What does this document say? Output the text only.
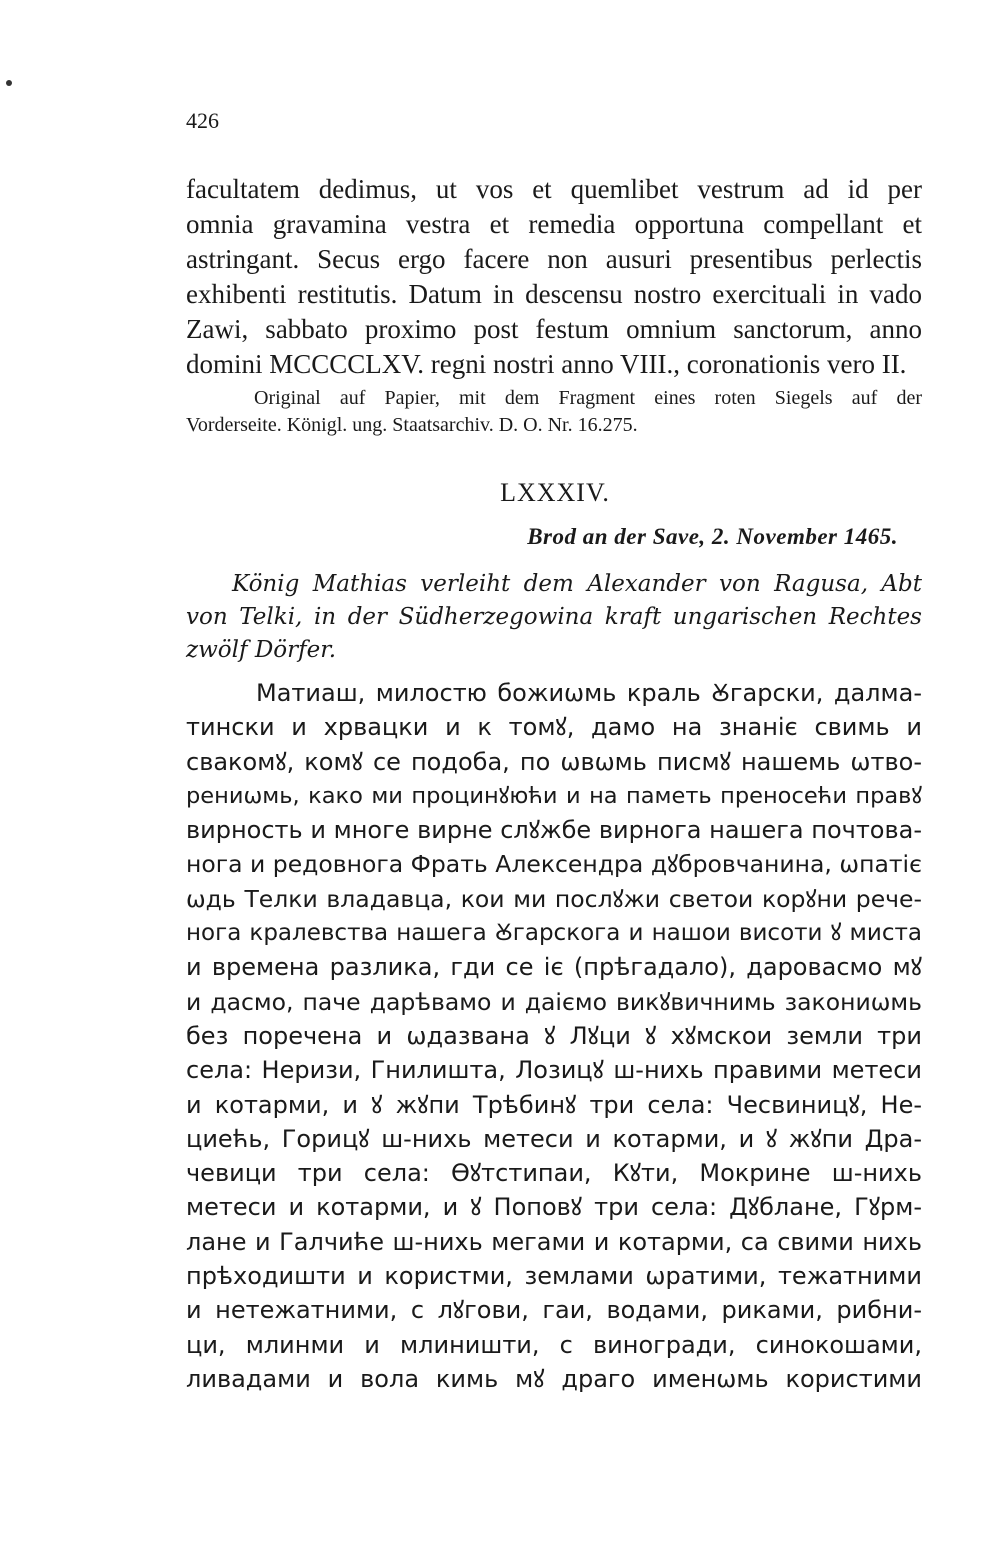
426
facultatem dedimus, ut vos et quemlibet vestrum ad id per
omnia gravamina vestra et remedia opportuna compellant et
astringant. Secus ergo facere non ausuri presentibus perlectis
exhibenti restitutis. Datum in descensu nostro exercituali in vado
Zawi, sabbato proximo post festum omnium sanctorum, anno
domini MCCCCLXV. regni nostri anno VIII., coronationis vero II.
Original auf Papier, mit dem Fragment eines roten Siegels auf der
Vorderseite. Königl. ung. Staatsarchiv. D. O. Nr. 16.275.
LXXXIV.
Brod an der Save, 2. November 1465.
König Mathias verleiht dem Alexander von Ragusa, Abt
von Telki, in der Südherzegowina kraft ungarischen Rechtes
zwölf Dörfer.
Матиаш, милостю божиωмь краль Ꙋгарски, далма-
тински и хрвацки и к томꙋ, дамо на знаніє свимь и
свакомꙋ, комꙋ се подоба, по ωвωмь писмꙋ нашемь ωтво-
рениωмь, како ми процинꙋюћи и на паметь преносећи правꙋ
вирность и многе вирне слꙋжбе вирнога нашега почтова-
нога и редовнога Фрать Алексендра дꙋбровчанина, ωпатіє
ωдь Телки владавца, кои ми послꙋжи светои корꙋни рече-
нога кралевства нашега Ꙋгарскога и нашои висоти ꙋ миста
и времена разлика, гди се іє (прѣгадало), даровасмо мꙋ
и дасмо, паче дарѣвамо и даіємо викꙋвичнимь закониωмь
без поречена и ωдазвана ꙋ Лꙋци ꙋ хꙋмскои земли три
села: Неризи, Гнилишта, Лозицꙋ ш-нихь правими метеси
и котарми, и ꙋ жꙋпи Трѣбинꙋ три села: Чесвиницꙋ, Не-
циећь, Горицꙋ ш-нихь метеси и котарми, и ꙋ жꙋпи Дра-
чевици три села: Ѳꙋтстипаи, Кꙋти, Мокрине ш-нихь
метеси и котарми, и ꙋ Поповꙋ три села: Дꙋблане, Гꙋрм-
лане и Галчиће ш-нихь мегами и котарми, са свими нихь
прѣходишти и користми, землами ωратими, тежатними
и нетежатними, с лꙋгови, гаи, водами, риками, рибни-
ци, млинми и млиништи, с виногради, синокошами,
ливадами и вола кимь мꙋ драго именωмь користими
